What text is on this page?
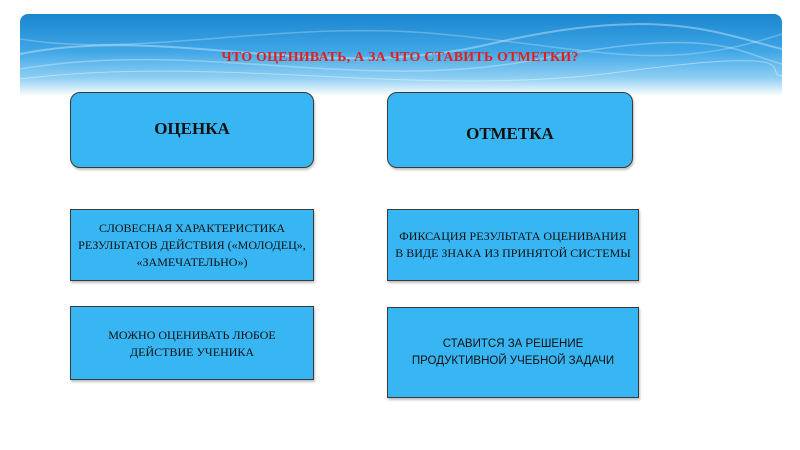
ЧТО ОЦЕНИВАТЬ, А ЗА ЧТО СТАВИТЬ ОТМЕТКИ?
ОЦЕНКА	ОТМЕТКА
СЛОВЕСНАЯ ХАРАКТЕРИСТИКА РЕЗУЛЬТАТОВ ДЕЙСТВИЯ («МОЛОДЕЦ», «ЗАМЕЧАТЕЛЬНО»)
ФИКСАЦИЯ РЕЗУЛЬТАТА ОЦЕНИВАНИЯ В ВИДЕ ЗНАКА ИЗ ПРИНЯТОЙ СИСТЕМЫ
МОЖНО ОЦЕНИВАТЬ ЛЮБОЕ ДЕЙСТВИЕ УЧЕНИКА
СТАВИТСЯ ЗА РЕШЕНИЕ ПРОДУКТИВНОЙ УЧЕБНОЙ ЗАДАЧИ
